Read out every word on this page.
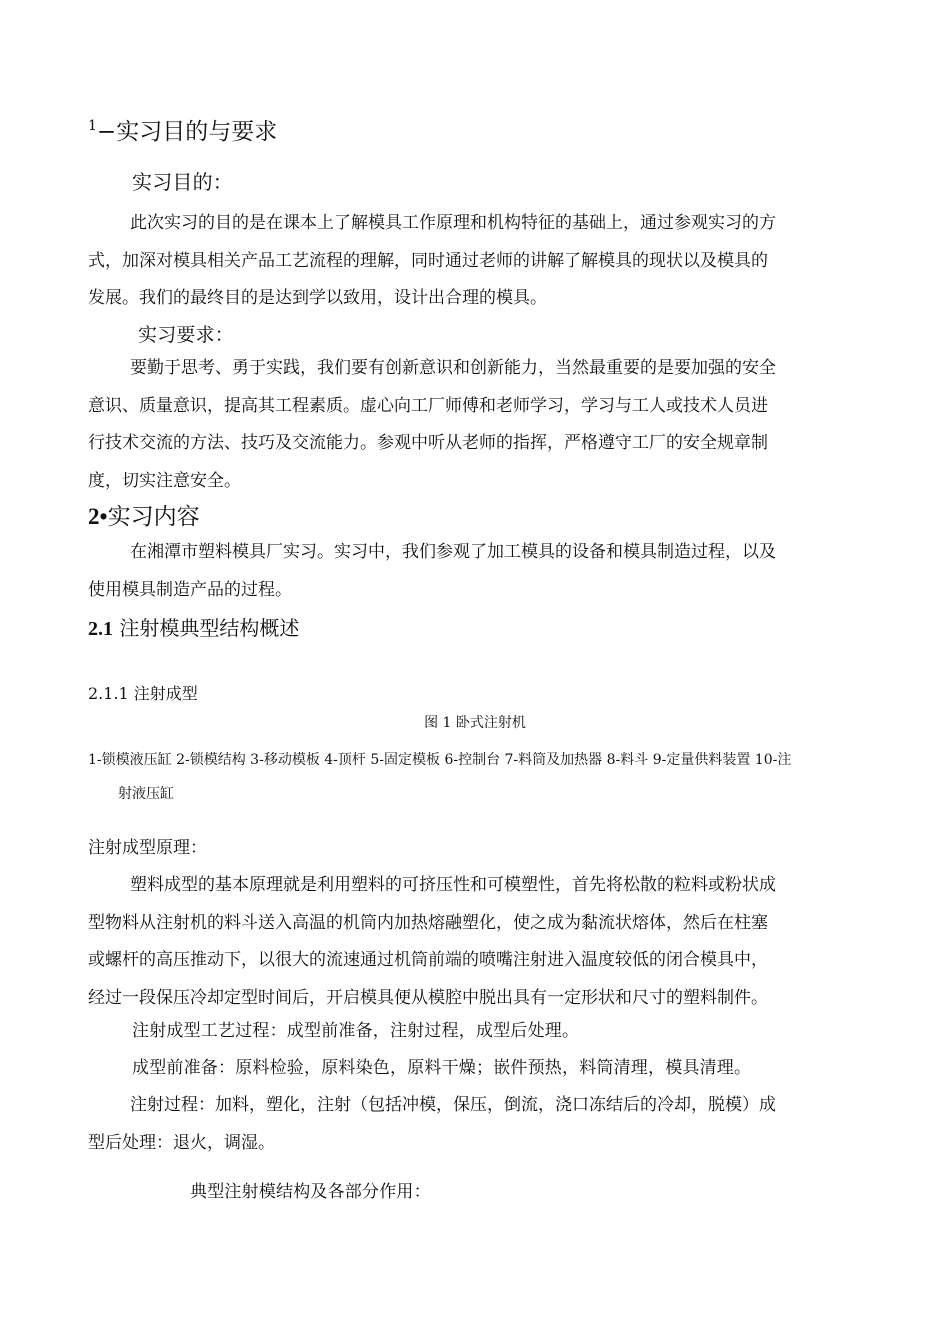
$^1$−实习目的与要求
实习目的：
此次实习的目的是在课本上了解模具工作原理和机构特征的基础上，通过参观实习的方
式，加深对模具相关产品工艺流程的理解，同时通过老师的讲解了解模具的现状以及模具的
发展。我们的最终目的是达到学以致用，设计出合理的模具。
实习要求：
要勤于思考、勇于实践，我们要有创新意识和创新能力，当然最重要的是要加强的安全
意识、质量意识，提高其工程素质。虚心向工厂师傅和老师学习，学习与工人或技术人员进
行技术交流的方法、技巧及交流能力。参观中听从老师的指挥，严格遵守工厂的安全规章制
度，切实注意安全。
2•实习内容
在湘潭市塑料模具厂实习。实习中，我们参观了加工模具的设备和模具制造过程，以及
使用模具制造产品的过程。
2.1 注射模典型结构概述
2.1.1 注射成型
图 1 卧式注射机
1-锁模液压缸 2-锁模结构 3-移动模板 4-顶杆 5-固定模板 6-控制台 7-料筒及加热器 8-料斗 9-定量供料装置 10-注
射液压缸
注射成型原理：
塑料成型的基本原理就是利用塑料的可挤压性和可模塑性，首先将松散的粒料或粉状成
型物料从注射机的料斗送入高温的机筒内加热熔融塑化，使之成为黏流状熔体，然后在柱塞
或螺杆的高压推动下，以很大的流速通过机筒前端的喷嘴注射进入温度较低的闭合模具中，
经过一段保压冷却定型时间后，开启模具便从模腔中脱出具有一定形状和尺寸的塑料制件。
注射成型工艺过程：成型前准备，注射过程，成型后处理。
成型前准备：原料检验，原料染色，原料干燥；嵌件预热，料筒清理，模具清理。
注射过程：加料，塑化，注射（包括冲模，保压，倒流，浇口冻结后的冷却，脱模）成
型后处理：退火，调湿。
典型注射模结构及各部分作用：
